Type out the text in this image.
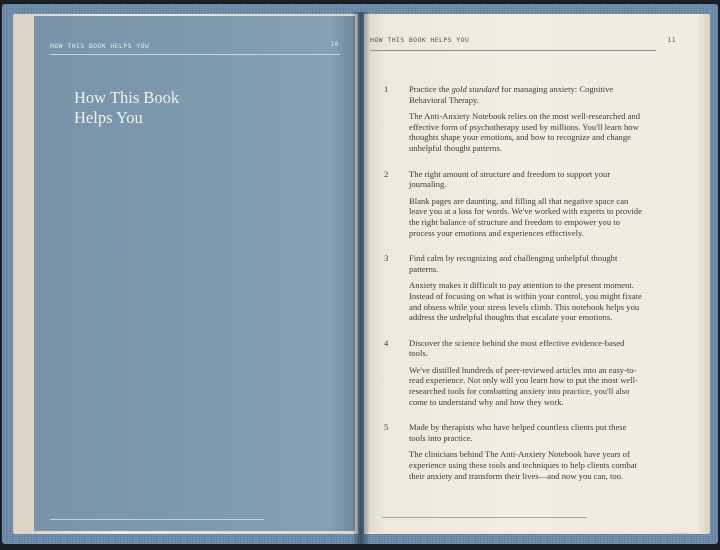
HOW THIS BOOK HELPS YOU	10
How This Book
Helps You
HOW THIS BOOK HELPS YOU	11
1 Practice the gold standard for managing anxiety: Cognitive Behavioral Therapy.
The Anti-Anxiety Notebook relies on the most well-researched and effective form of psychotherapy used by millions. You'll learn how thoughts shape your emotions, and how to recognize and change unhelpful thought patterns.
2 The right amount of structure and freedom to support your journaling.
Blank pages are daunting, and filling all that negative space can leave you at a loss for words. We've worked with experts to provide the right balance of structure and freedom to empower you to process your emotions and experiences effectively.
3 Find calm by recognizing and challenging unhelpful thought patterns.
Anxiety makes it difficult to pay attention to the present moment. Instead of focusing on what is within your control, you might fixate and obsess while your stress levels climb. This notebook helps you address the unhelpful thoughts that escalate your emotions.
4 Discover the science behind the most effective evidence-based tools.
We've distilled hundreds of peer-reviewed articles into an easy-to-read experience. Not only will you learn how to put the most well-researched tools for combatting anxiety into practice, you'll also come to understand why and how they work.
5 Made by therapists who have helped countless clients put these tools into practice.
The clinicians behind The Anti-Anxiety Notebook have years of experience using these tools and techniques to help clients combat their anxiety and transform their lives—and now you can, too.
